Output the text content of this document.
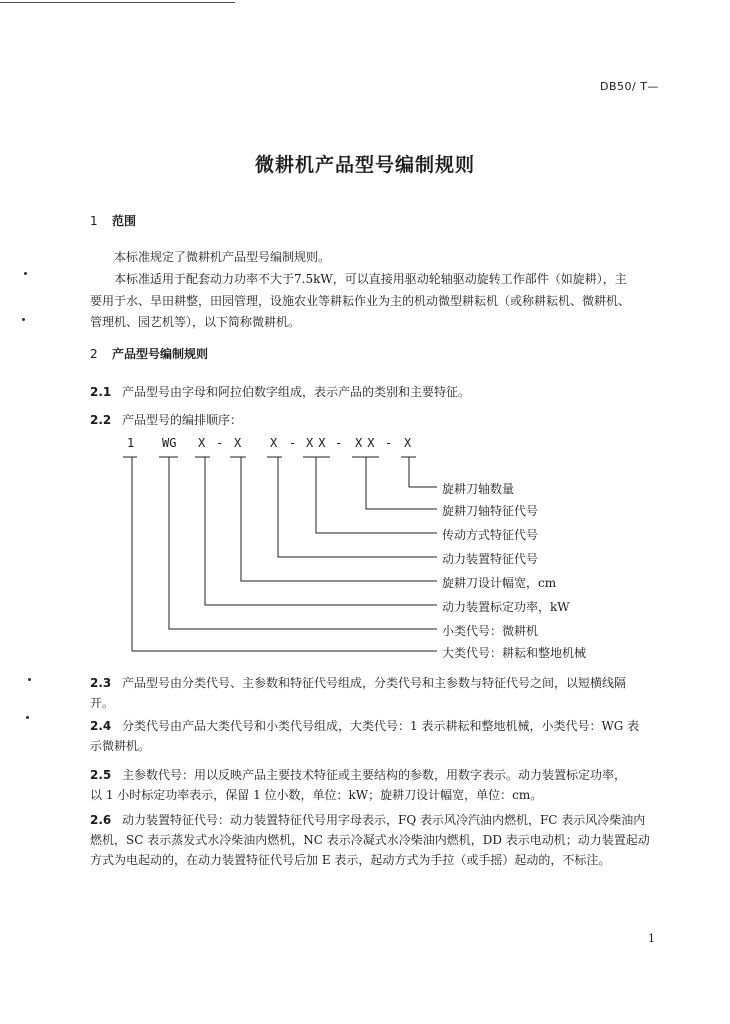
DB50/ T—
微耕机产品型号编制规则
1 范围
本标准规定了微耕机产品型号编制规则。
本标准适用于配套动力功率不大于7.5kW，可以直接用驱动轮轴驱动旋转工作部件（如旋耕），主
要用于水、旱田耕整，田园管理，设施农业等耕耘作业为主的机动微型耕耘机（或称耕耘机、微耕机、
管理机、园艺机等），以下简称微耕机。
2 产品型号编制规则
2.1 产品型号由字母和阿拉伯数字组成，表示产品的类别和主要特征。
2.2 产品型号的编排顺序：
1 WG X - X X - XX - XX - X
旋耕刀轴数量
旋耕刀轴特征代号
传动方式特征代号
动力装置特征代号
旋耕刀设计幅宽，cm
动力装置标定功率，kW
小类代号：微耕机
大类代号：耕耘和整地机械
2.3 产品型号由分类代号、主参数和特征代号组成，分类代号和主参数与特征代号之间，以短横线隔
开。
2.4 分类代号由产品大类代号和小类代号组成，大类代号：1 表示耕耘和整地机械，小类代号：WG 表
示微耕机。
2.5 主参数代号：用以反映产品主要技术特征或主要结构的参数，用数字表示。动力装置标定功率，
以 1 小时标定功率表示，保留 1 位小数，单位：kW；旋耕刀设计幅宽，单位：cm。
2.6 动力装置特征代号：动力装置特征代号用字母表示，FQ 表示风冷汽油内燃机，FC 表示风冷柴油内
燃机，SC 表示蒸发式水冷柴油内燃机，NC 表示冷凝式水冷柴油内燃机，DD 表示电动机；动力装置起动
方式为电起动的，在动力装置特征代号后加 E 表示，起动方式为手拉（或手摇）起动的，不标注。
1
